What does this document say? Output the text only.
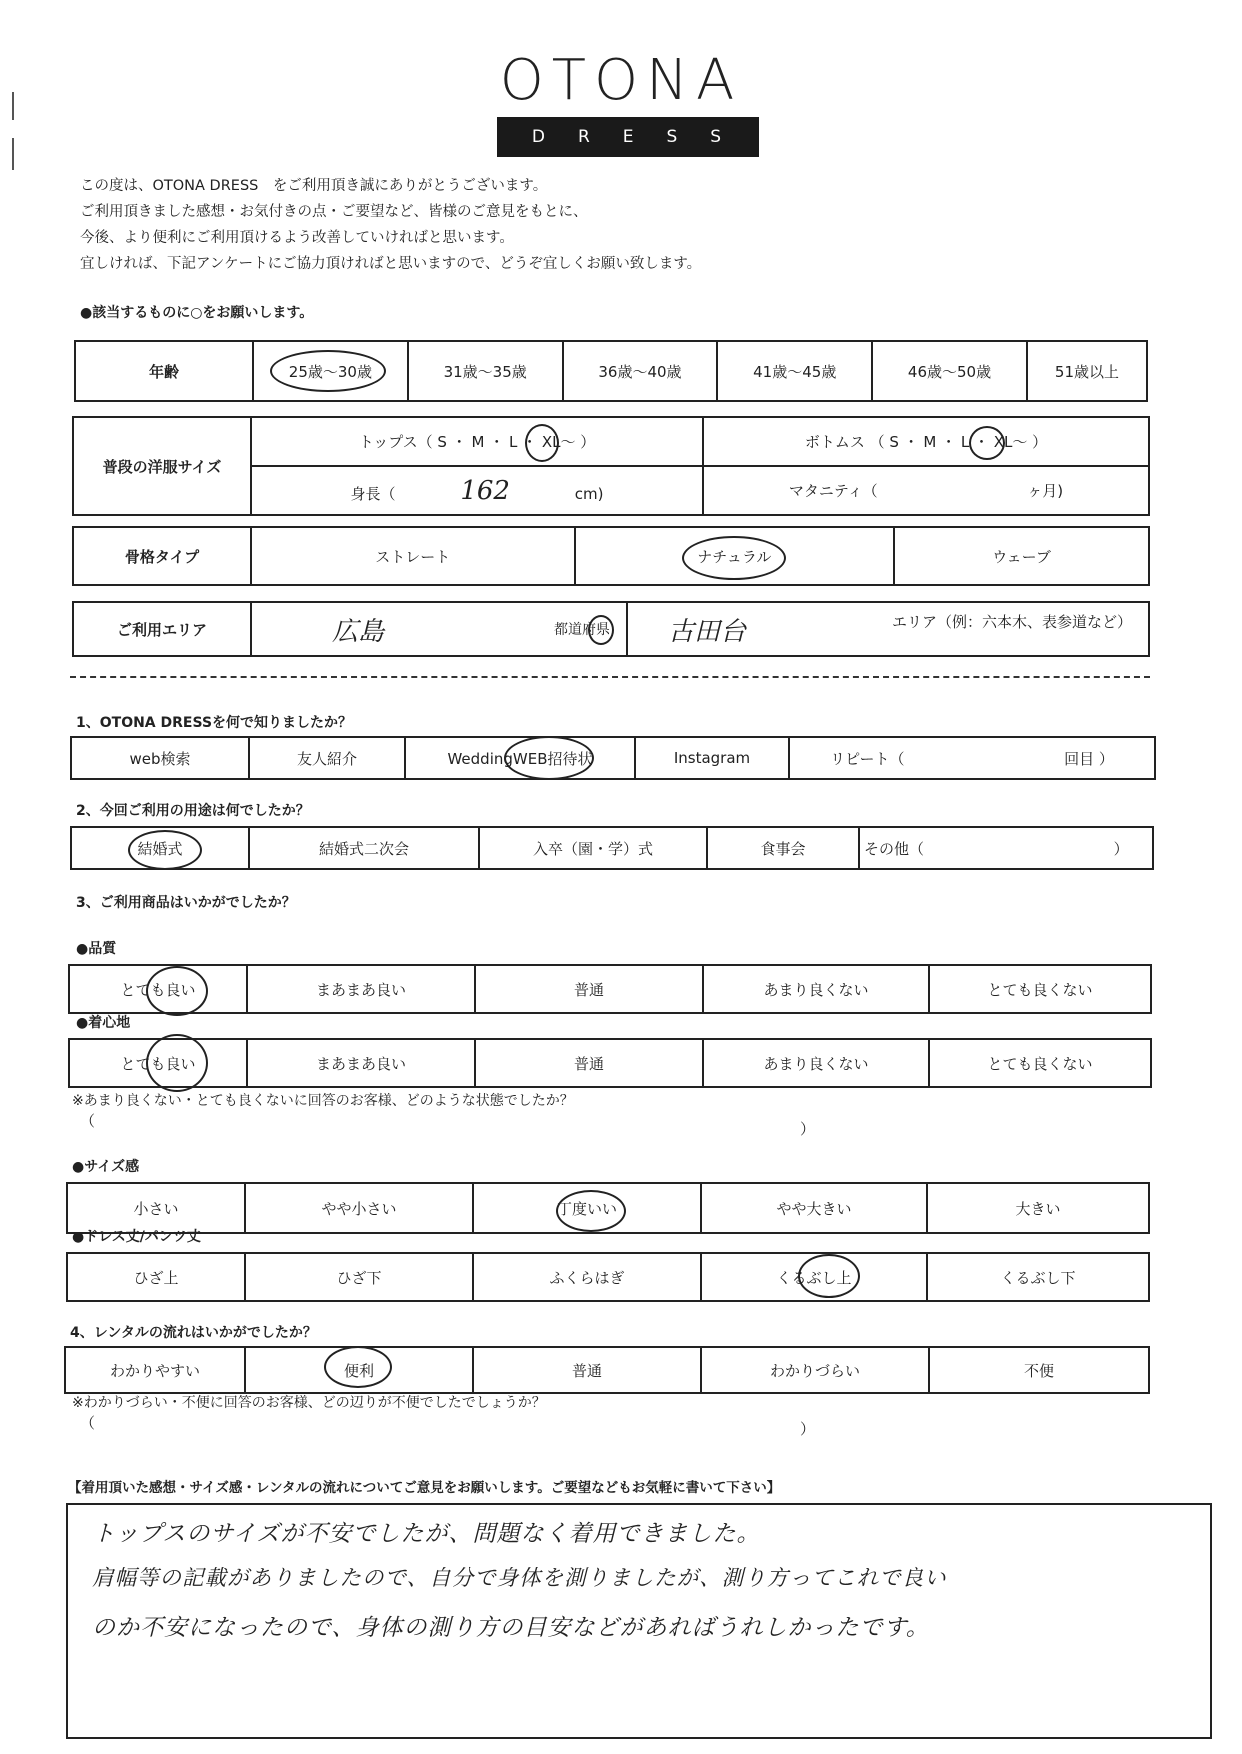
OTONA
DRESS
この度は、OTONA DRESS　をご利用頂き誠にありがとうございます。
ご利用頂きました感想・お気付きの点・ご要望など、皆様のご意見をもとに、
今後、より便利にご利用頂けるよう改善していければと思います。
宜しければ、下記アンケートにご協力頂ければと思いますので、どうぞ宜しくお願い致します。
●該当するものに○をお願いします。
年齢	25歳～30歳	31歳～35歳	36歳～40歳	41歳～45歳	46歳～50歳	51歳以上
普段の洋服サイズ	トップス（ S ・ M ・ L ・ XL～ ）	ボトムス （ S ・ M ・ L ・ XL～ ）
	身長（ 162 cm)	マタニティ（ ヶ月)
骨格タイプ	ストレート	ナチュラル	ウェーブ
ご利用エリア	広島	都道府県	古田台	エリア（例：六本木、表参道など）
1、OTONA DRESSを何で知りましたか？
web検索	友人紹介	WeddingWEB招待状	Instagram	リピート（	回目 ）
2、今回ご利用の用途は何でしたか？
結婚式	結婚式二次会	入卒（園・学）式	食事会	その他（	）
3、ご利用商品はいかがでしたか？
●品質
とても良い	まあまあ良い	普通	あまり良くない	とても良くない
●着心地
とても良い	まあまあ良い	普通	あまり良くない	とても良くない
※あまり良くない・とても良くないに回答のお客様、どのような状態でしたか？
（	）
●サイズ感
小さい	やや小さい	丁度いい	やや大きい	大きい
●ドレス丈/パンツ丈
ひざ上	ひざ下	ふくらはぎ	くるぶし上	くるぶし下
4、レンタルの流れはいかがでしたか？
わかりやすい	便利	普通	わかりづらい	不便
※わかりづらい・不便に回答のお客様、どの辺りが不便でしたでしょうか？
（	）
【着用頂いた感想・サイズ感・レンタルの流れについてご意見をお願いします。ご要望などもお気軽に書いて下さい】
トップスのサイズが不安でしたが、問題なく着用できました。
肩幅等の記載がありましたので、自分で身体を測りましたが、測り方ってこれで良い
のか不安になったので、身体の測り方の目安などがあればうれしかったです。
